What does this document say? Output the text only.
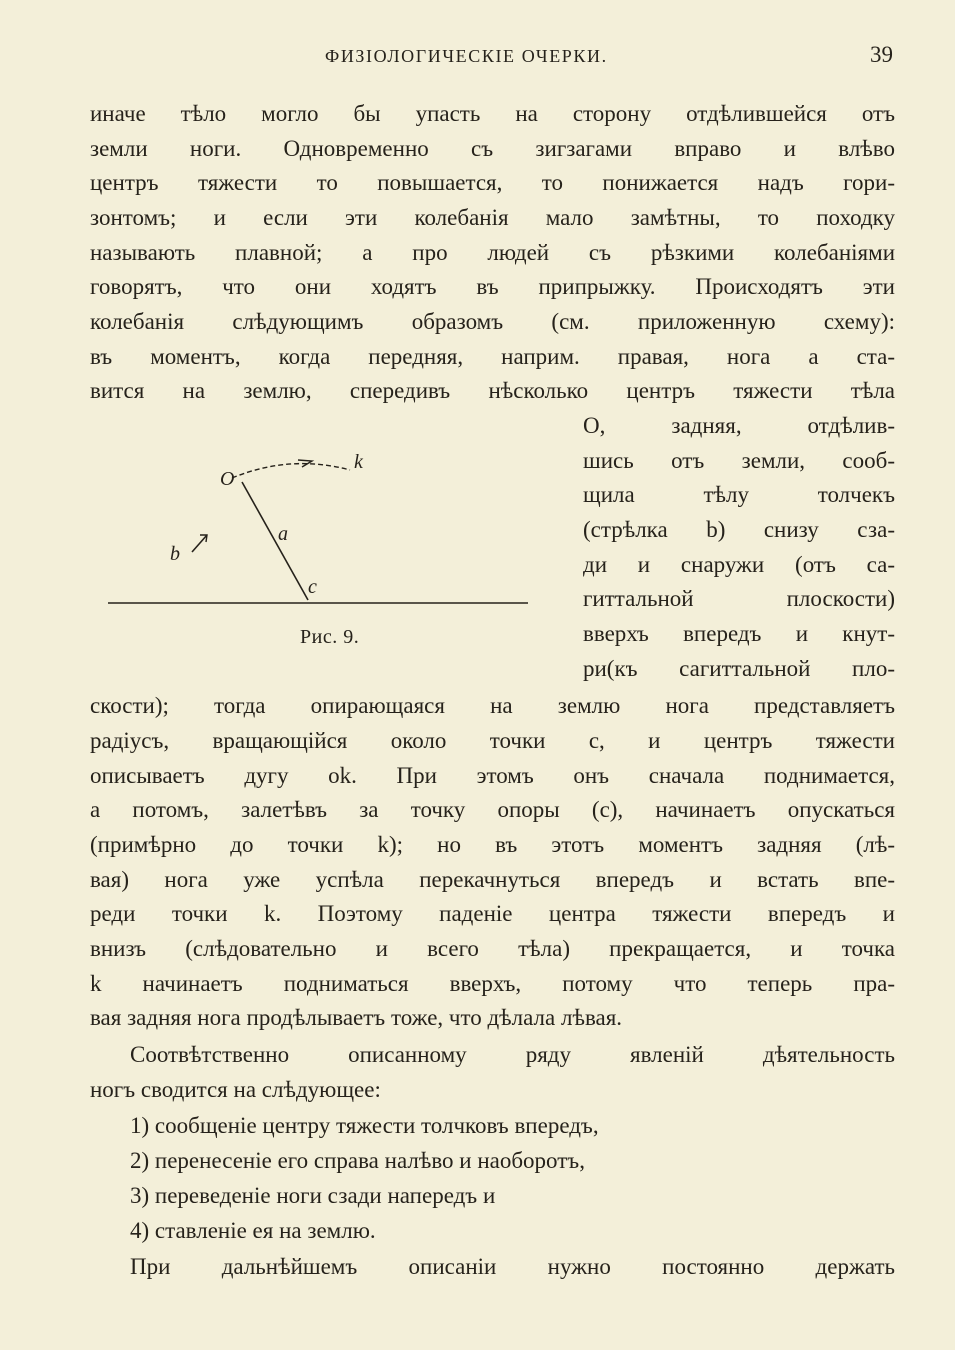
ФИЗІОЛОГИЧЕСКІЕ ОЧЕРКИ.	39
иначе тѣло могло бы упасть на сторону отдѣлившейся отъ
земли ноги. Одновременно съ зигзагами вправо и влѣво
центръ тяжести то повышается, то понижается надъ гори-
зонтомъ; и если эти колебанія мало замѣтны, то походку
называють плавной; а про людей съ рѣзкими колебаніями
говорятъ, что они ходятъ въ припрыжку. Происходятъ эти
колебанія слѣдующимъ образомъ (см. приложенную схему):
въ моментъ, когда передняя, наприм. правая, нога a ста-
вится на землю, спередивъ нѣсколько центръ тяжести тѣла
O, задняя, отдѣлив-
шись отъ земли, сооб-
щила тѣлу толчекъ
(стрѣлка b) снизу сза-
ди и снаружи (отъ са-
гиттальной плоскости)
вверхъ впередъ и кнут-
ри(къ сагиттальной пло-
O
k
a
b
c
Рис. 9.
скости); тогда опирающаяся на землю нога представляетъ
радіусъ, вращающійся около точки c, и центръ тяжести
описываетъ дугу ok. При этомъ онъ сначала поднимается,
а потомъ, залетѣвъ за точку опоры (c), начинаетъ опускаться
(примѣрно до точки k); но въ этотъ моментъ задняя (лѣ-
вая) нога уже успѣла перекачнуться впередъ и встать впе-
реди точки k. Поэтому паденіе центра тяжести впередъ и
внизъ (слѣдовательно и всего тѣла) прекращается, и точка
k начинаетъ подниматься вверхъ, потому что теперь пра-
вая задняя нога продѣлываетъ тоже, что дѣлала лѣвая.
Соотвѣтственно описанному ряду явленій дѣятельность
ногъ сводится на слѣдующее:
1) сообщеніе центру тяжести толчковъ впередъ,
2) перенесеніе его справа налѣво и наоборотъ,
3) переведеніе ноги сзади напередъ и
4) ставленіе ея на землю.
При дальнѣйшемъ описаніи нужно постоянно держать
